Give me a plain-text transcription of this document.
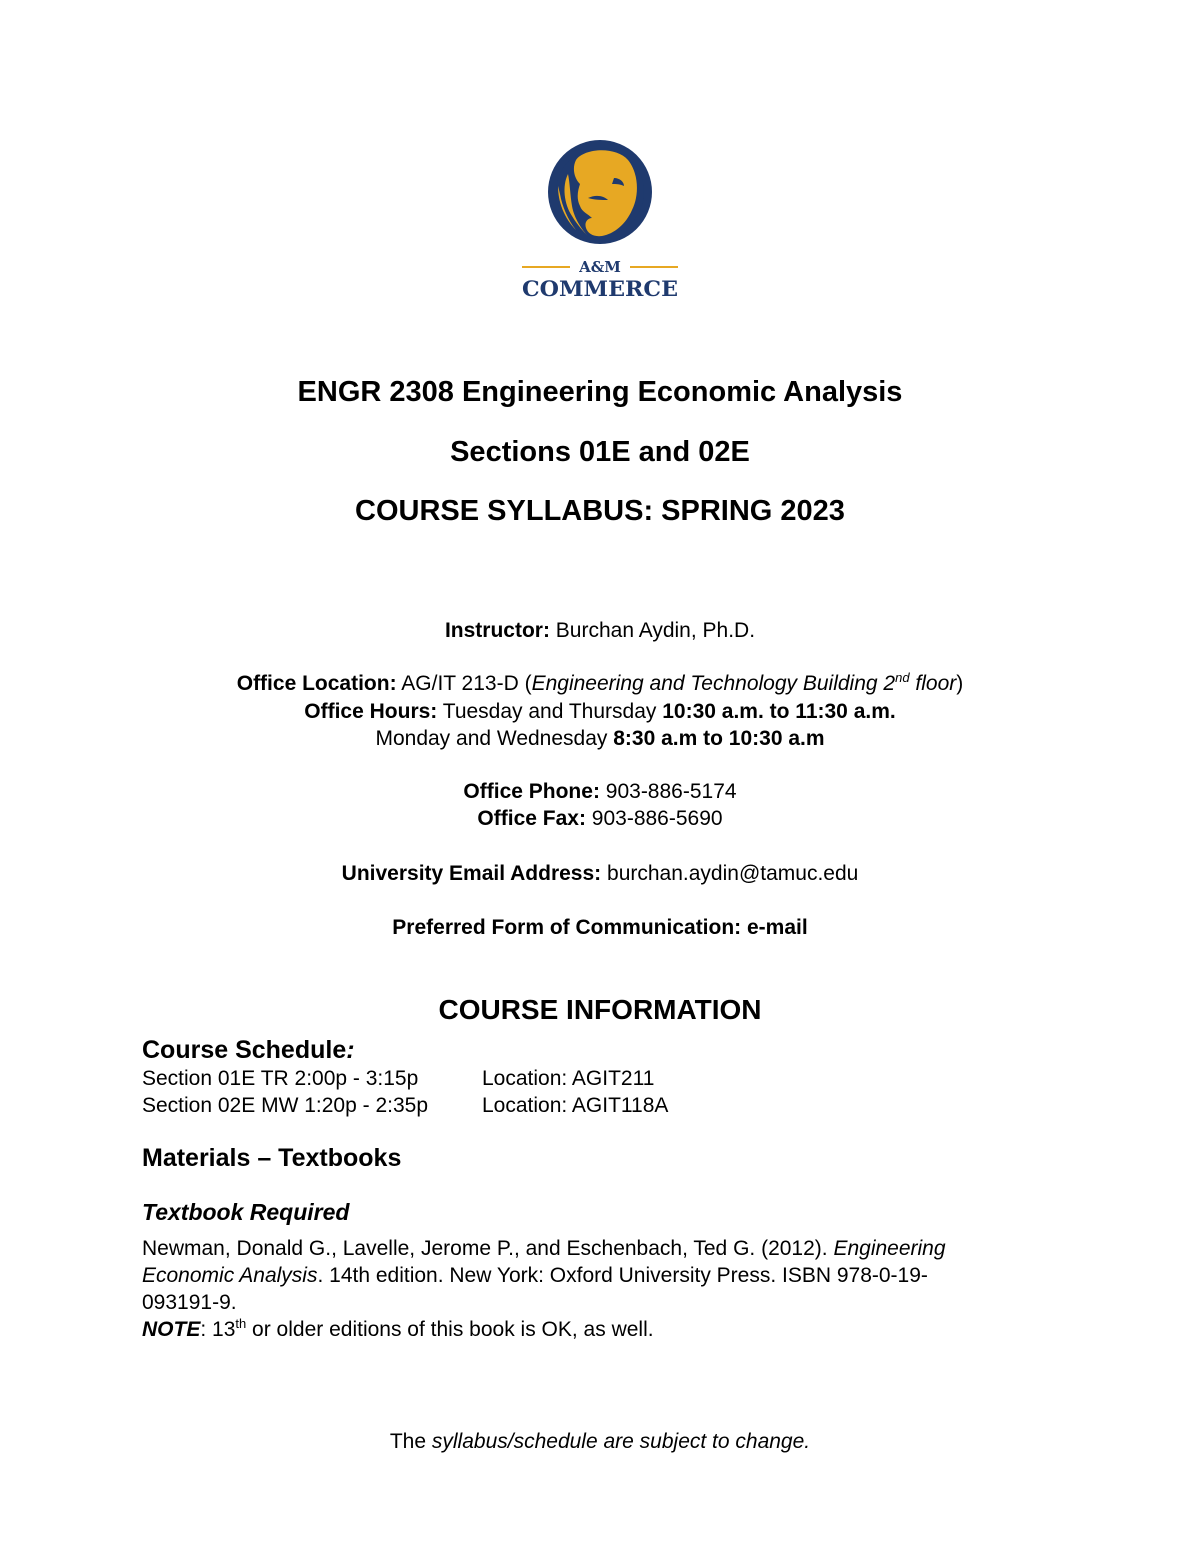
A&M
COMMERCE
ENGR 2308 Engineering Economic Analysis
Sections 01E and 02E
COURSE SYLLABUS: SPRING 2023
Instructor: Burchan Aydin, Ph.D.
Office Location: AG/IT 213-D (Engineering and Technology Building 2nd floor)
Office Hours: Tuesday and Thursday 10:30 a.m. to 11:30 a.m.
Monday and Wednesday 8:30 a.m to 10:30 a.m
Office Phone: 903-886-5174
Office Fax: 903-886-5690
University Email Address: burchan.aydin@tamuc.edu
Preferred Form of Communication: e-mail
COURSE INFORMATION
Course Schedule:
Section 01E TR 2:00p - 3:15p	Location: AGIT211
Section 02E MW 1:20p - 2:35p	Location: AGIT118A
Materials – Textbooks
Textbook Required
Newman, Donald G., Lavelle, Jerome P., and Eschenbach, Ted G. (2012). Engineering
Economic Analysis. 14th edition. New York: Oxford University Press. ISBN 978-0-19-
093191-9.
NOTE: 13th or older editions of this book is OK, as well.
The syllabus/schedule are subject to change.
